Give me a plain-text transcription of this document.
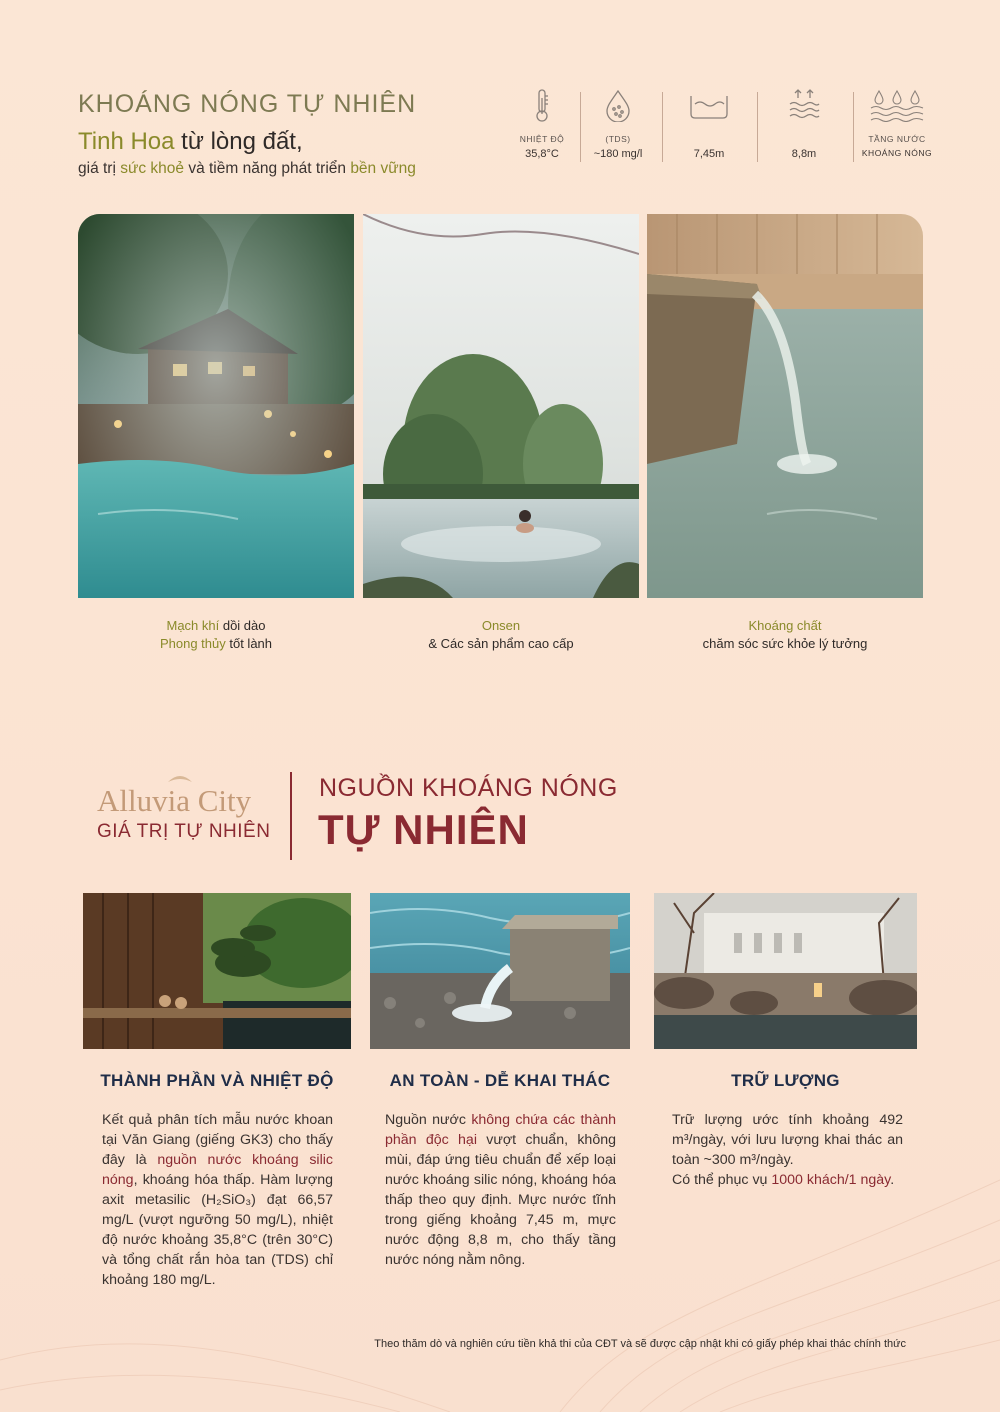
KHOÁNG NÓNG TỰ NHIÊN
Tinh Hoa từ lòng đất,
giá trị sức khoẻ và tiềm năng phát triển bền vững
NHIỆT ĐỘ
35,8°C
(TDS)
~180 mg/l	7,45m	8,8m
TẦNG NƯỚC
KHOÁNG NÓNG
Mạch khí dồi dào
Phong thủy tốt lành
Onsen
& Các sản phẩm cao cấp
Khoáng chất
chăm sóc sức khỏe lý tưởng
Alluvia City
GIÁ TRỊ TỰ NHIÊN
NGUỒN KHOÁNG NÓNG
TỰ NHIÊN
THÀNH PHẦN VÀ NHIỆT ĐỘ
Kết quả phân tích mẫu nước khoan tại Văn Giang (giếng GK3) cho thấy đây là nguồn nước khoáng silic nóng, khoáng hóa thấp. Hàm lượng axit metasilic (H₂SiO₃) đạt 66,57 mg/L (vượt ngưỡng 50 mg/L), nhiệt độ nước khoảng 35,8°C (trên 30°C) và tổng chất rắn hòa tan (TDS) chỉ khoảng 180 mg/L.
AN TOÀN - DỄ KHAI THÁC
Nguồn nước không chứa các thành phần độc hại vượt chuẩn, không mùi, đáp ứng tiêu chuẩn để xếp loại nước khoáng silic nóng, khoáng hóa thấp theo quy định. Mực nước tĩnh trong giếng khoảng 7,45 m, mực nước động 8,8 m, cho thấy tầng nước nóng nằm nông.
TRỮ LƯỢNG
Trữ lượng ước tính khoảng 492 m³/ngày, với lưu lượng khai thác an toàn ~300 m³/ngày.
Có thể phục vụ 1000 khách/1 ngày.
Theo thăm dò và nghiên cứu tiền khả thi của CĐT và sẽ được cập nhật khi có giấy phép khai thác chính thức
